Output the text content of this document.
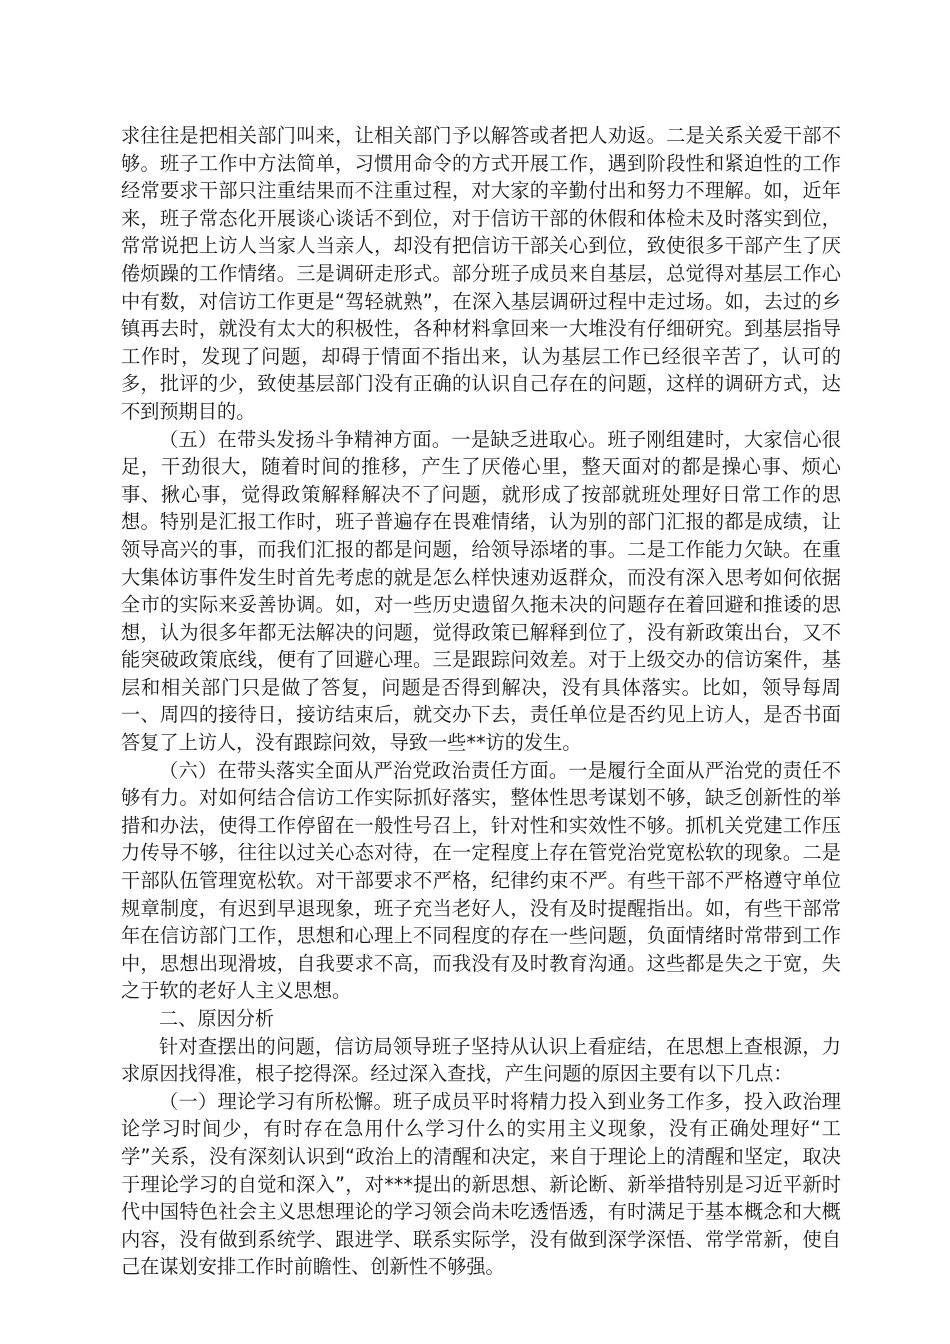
求往往是把相关部门叫来，让相关部门予以解答或者把人劝返。二是关系关爱干部不够。班子工作中方法简单，习惯用命令的方式开展工作，遇到阶段性和紧迫性的工作经常要求干部只注重结果而不注重过程，对大家的辛勤付出和努力不理解。如，近年来，班子常态化开展谈心谈话不到位，对于信访干部的休假和体检未及时落实到位，常常说把上访人当家人当亲人，却没有把信访干部关心到位，致使很多干部产生了厌倦烦躁的工作情绪。三是调研走形式。部分班子成员来自基层，总觉得对基层工作心中有数，对信访工作更是“驾轻就熟”，在深入基层调研过程中走过场。如，去过的乡镇再去时，就没有太大的积极性，各种材料拿回来一大堆没有仔细研究。到基层指导工作时，发现了问题，却碍于情面不指出来，认为基层工作已经很辛苦了，认可的多，批评的少，致使基层部门没有正确的认识自己存在的问题，这样的调研方式，达不到预期目的。

（五）在带头发扬斗争精神方面。一是缺乏进取心。班子刚组建时，大家信心很足，干劲很大，随着时间的推移，产生了厌倦心里，整天面对的都是操心事、烦心事、揪心事，觉得政策解释解决不了问题，就形成了按部就班处理好日常工作的思想。特别是汇报工作时，班子普遍存在畏难情绪，认为别的部门汇报的都是成绩，让领导高兴的事，而我们汇报的都是问题，给领导添堵的事。二是工作能力欠缺。在重大集体访事件发生时首先考虑的就是怎么样快速劝返群众，而没有深入思考如何依据全市的实际来妥善协调。如，对一些历史遗留久拖未决的问题存在着回避和推诿的思想，认为很多年都无法解决的问题，觉得政策已解释到位了，没有新政策出台，又不能突破政策底线，便有了回避心理。三是跟踪问效差。对于上级交办的信访案件，基层和相关部门只是做了答复，问题是否得到解决，没有具体落实。比如，领导每周一、周四的接待日，接访结束后，就交办下去，责任单位是否约见上访人，是否书面答复了上访人，没有跟踪问效，导致一些**访的发生。

（六）在带头落实全面从严治党政治责任方面。一是履行全面从严治党的责任不够有力。对如何结合信访工作实际抓好落实，整体性思考谋划不够，缺乏创新性的举措和办法，使得工作停留在一般性号召上，针对性和实效性不够。抓机关党建工作压力传导不够，往往以过关心态对待，在一定程度上存在管党治党宽松软的现象。二是干部队伍管理宽松软。对干部要求不严格，纪律约束不严。有些干部不严格遵守单位规章制度，有迟到早退现象，班子充当老好人，没有及时提醒指出。如，有些干部常年在信访部门工作，思想和心理上不同程度的存在一些问题，负面情绪时常带到工作中，思想出现滑坡，自我要求不高，而我没有及时教育沟通。这些都是失之于宽，失之于软的老好人主义思想。

二、原因分析

针对查摆出的问题，信访局领导班子坚持从认识上看症结，在思想上查根源，力求原因找得准，根子挖得深。经过深入查找，产生问题的原因主要有以下几点：

（一）理论学习有所松懈。班子成员平时将精力投入到业务工作多，投入政治理论学习时间少，有时存在急用什么学习什么的实用主义现象，没有正确处理好“工学”关系，没有深刻认识到“政治上的清醒和决定，来自于理论上的清醒和坚定，取决于理论学习的自觉和深入”，对***提出的新思想、新论断、新举措特别是习近平新时代中国特色社会主义思想理论的学习领会尚未吃透悟透，有时满足于基本概念和大概内容，没有做到系统学、跟进学、联系实际学，没有做到深学深悟、常学常新，使自己在谋划安排工作时前瞻性、创新性不够强。
